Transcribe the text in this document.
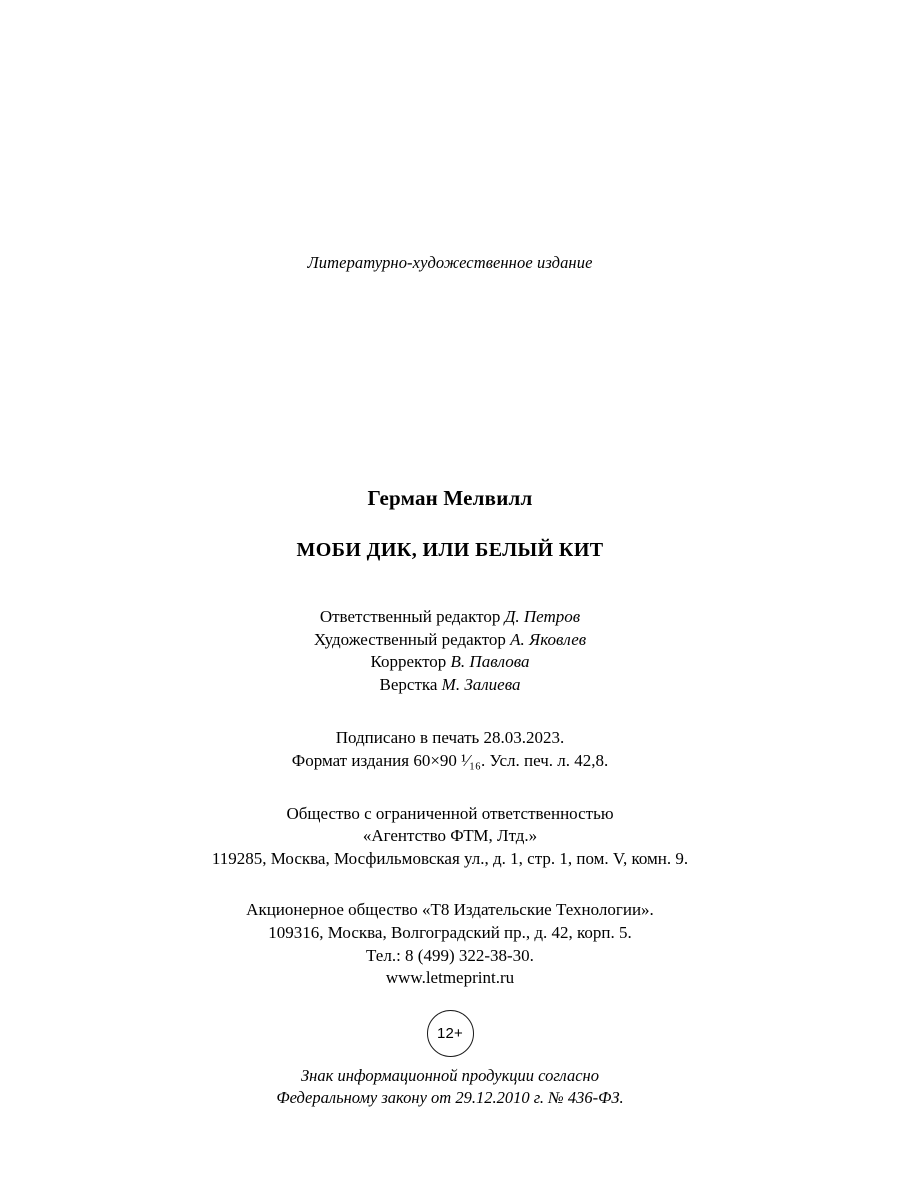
Литературно-художественное издание
Герман Мелвилл
МОБИ ДИК, ИЛИ БЕЛЫЙ КИТ
Ответственный редактор Д. Петров
Художественный редактор А. Яковлев
Корректор В. Павлова
Верстка М. Залиева
Подписано в печать 28.03.2023.
Формат издания 60×90 ¹⁄₁₆. Усл. печ. л. 42,8.
Общество с ограниченной ответственностью
«Агентство ФТМ, Лтд.»
119285, Москва, Мосфильмовская ул., д. 1, стр. 1, пом. V, комн. 9.
Акционерное общество «Т8 Издательские Технологии».
109316, Москва, Волгоградский пр., д. 42, корп. 5.
Тел.: 8 (499) 322-38-30.
www.letmeprint.ru
12+
Знак информационной продукции согласно
Федеральному закону от 29.12.2010 г. № 436-ФЗ.
